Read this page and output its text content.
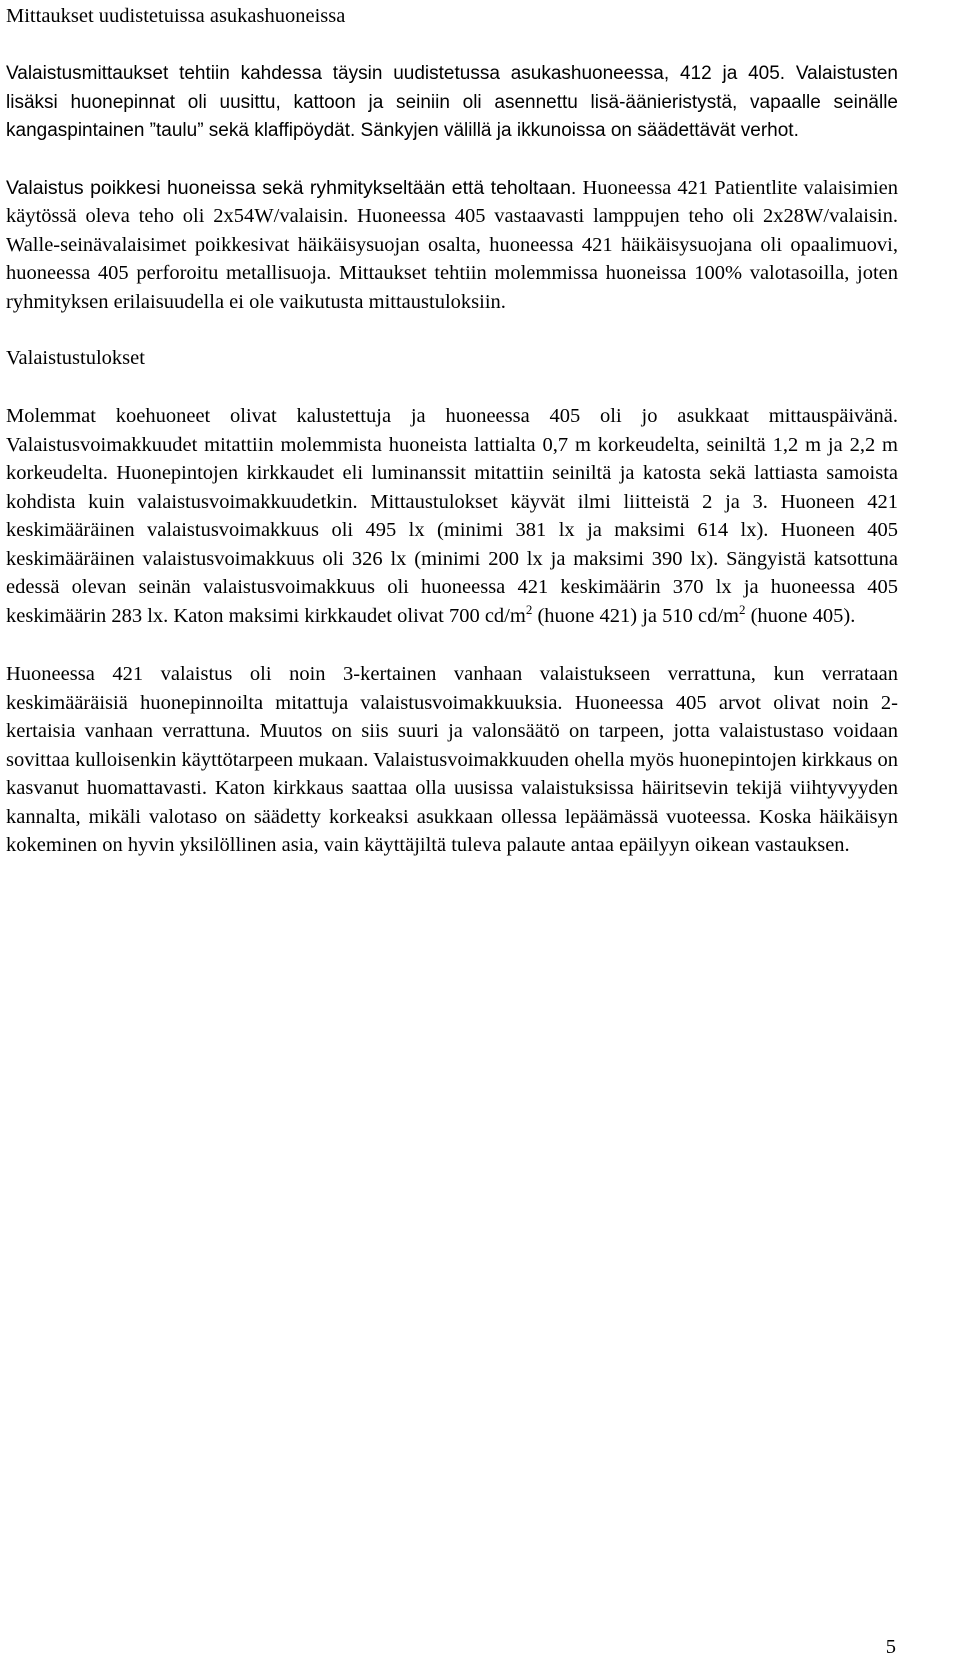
Mittaukset uudistetuissa asukashuoneissa

Valaistusmittaukset tehtiin kahdessa täysin uudistetussa asukashuoneessa, 412 ja 405. Valaistusten lisäksi huonepinnat oli uusittu, kattoon ja seiniin oli asennettu lisä-äänieristystä, vapaalle seinälle kangaspintainen ”taulu” sekä klaffipöydät. Sänkyjen välillä ja ikkunoissa on säädettävät verhot.

Valaistus poikkesi huoneissa sekä ryhmitykseltään että teholtaan. Huoneessa 421 Patientlite valaisimien käytössä oleva teho oli 2x54W/valaisin. Huoneessa 405 vastaavasti lamppujen teho oli 2x28W/valaisin. Walle-seinävalaisimet poikkesivat häikäisysuojan osalta, huoneessa 421 häikäisysuojana oli opaalimuovi, huoneessa 405 perforoitu metallisuoja. Mittaukset tehtiin molemmissa huoneissa 100% valotasoilla, joten ryhmityksen erilaisuudella ei ole vaikutusta mittaustuloksiin.

Valaistustulokset

Molemmat koehuoneet olivat kalustettuja ja huoneessa 405 oli jo asukkaat mittauspäivänä. Valaistusvoimakkuudet mitattiin molemmista huoneista lattialta 0,7 m korkeudelta, seiniltä 1,2 m ja 2,2 m korkeudelta. Huonepintojen kirkkaudet eli luminanssit mitattiin seiniltä ja katosta sekä lattiasta samoista kohdista kuin valaistusvoimakkuudetkin. Mittaustulokset käyvät ilmi liitteistä 2 ja 3. Huoneen 421 keskimääräinen valaistusvoimakkuus oli 495 lx (minimi 381 lx ja maksimi 614 lx). Huoneen 405 keskimääräinen valaistusvoimakkuus oli 326 lx (minimi 200 lx ja maksimi 390 lx). Sängyistä katsottuna edessä olevan seinän valaistusvoimakkuus oli huoneessa 421 keskimäärin 370 lx ja huoneessa 405 keskimäärin 283 lx. Katon maksimi kirkkaudet olivat 700 $cd/m^2$ (huone 421) ja 510 $cd/m^2$ (huone 405).

Huoneessa 421 valaistus oli noin 3-kertainen vanhaan valaistukseen verrattuna, kun verrataan keskimääräisiä huonepinnoilta mitattuja valaistusvoimakkuuksia. Huoneessa 405 arvot olivat noin 2-kertaisia vanhaan verrattuna. Muutos on siis suuri ja valonsäätö on tarpeen, jotta valaistustaso voidaan sovittaa kulloisenkin käyttötarpeen mukaan. Valaistusvoimakkuuden ohella myös huonepintojen kirkkaus on kasvanut huomattavasti. Katon kirkkaus saattaa olla uusissa valaistuksissa häiritsevin tekijä viihtyvyyden kannalta, mikäli valotaso on säädetty korkeaksi asukkaan ollessa lepäämässä vuoteessa. Koska häikäisyn kokeminen on hyvin yksilöllinen asia, vain käyttäjiltä tuleva palaute antaa epäilyyn oikean vastauksen.

5
